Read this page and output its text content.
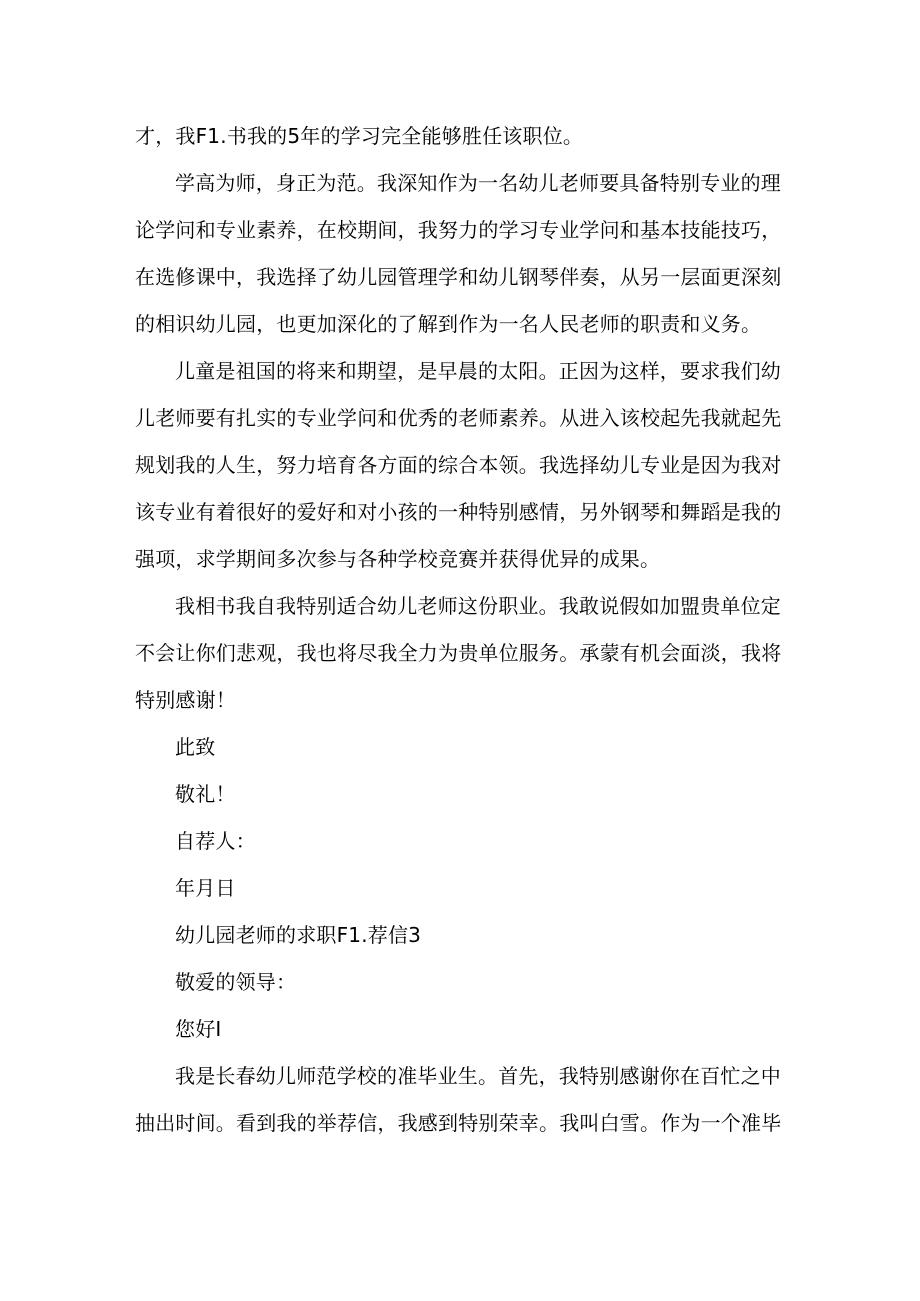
才，我F1.书我的5年的学习完全能够胜任该职位。
学高为师，身正为范。我深知作为一名幼儿老师要具备特别专业的理
论学问和专业素养，在校期间，我努力的学习专业学问和基本技能技巧，
在选修课中，我选择了幼儿园管理学和幼儿钢琴伴奏，从另一层面更深刻
的相识幼儿园，也更加深化的了解到作为一名人民老师的职责和义务。
儿童是祖国的将来和期望，是早晨的太阳。正因为这样，要求我们幼
儿老师要有扎实的专业学问和优秀的老师素养。从进入该校起先我就起先
规划我的人生，努力培育各方面的综合本领。我选择幼儿专业是因为我对
该专业有着很好的爱好和对小孩的一种特别感情，另外钢琴和舞蹈是我的
强项，求学期间多次参与各种学校竞赛并获得优异的成果。
我相书我自我特别适合幼儿老师这份职业。我敢说假如加盟贵单位定
不会让你们悲观，我也将尽我全力为贵单位服务。承蒙有机会面淡，我将
特别感谢！
此致
敬礼！
自荐人：
年月日
幼儿园老师的求职F1.荐信3
敬爱的领导：
您好I
我是长春幼儿师范学校的准毕业生。首先，我特别感谢你在百忙之中
抽出时间。看到我的举荐信，我感到特别荣幸。我叫白雪。作为一个准毕
